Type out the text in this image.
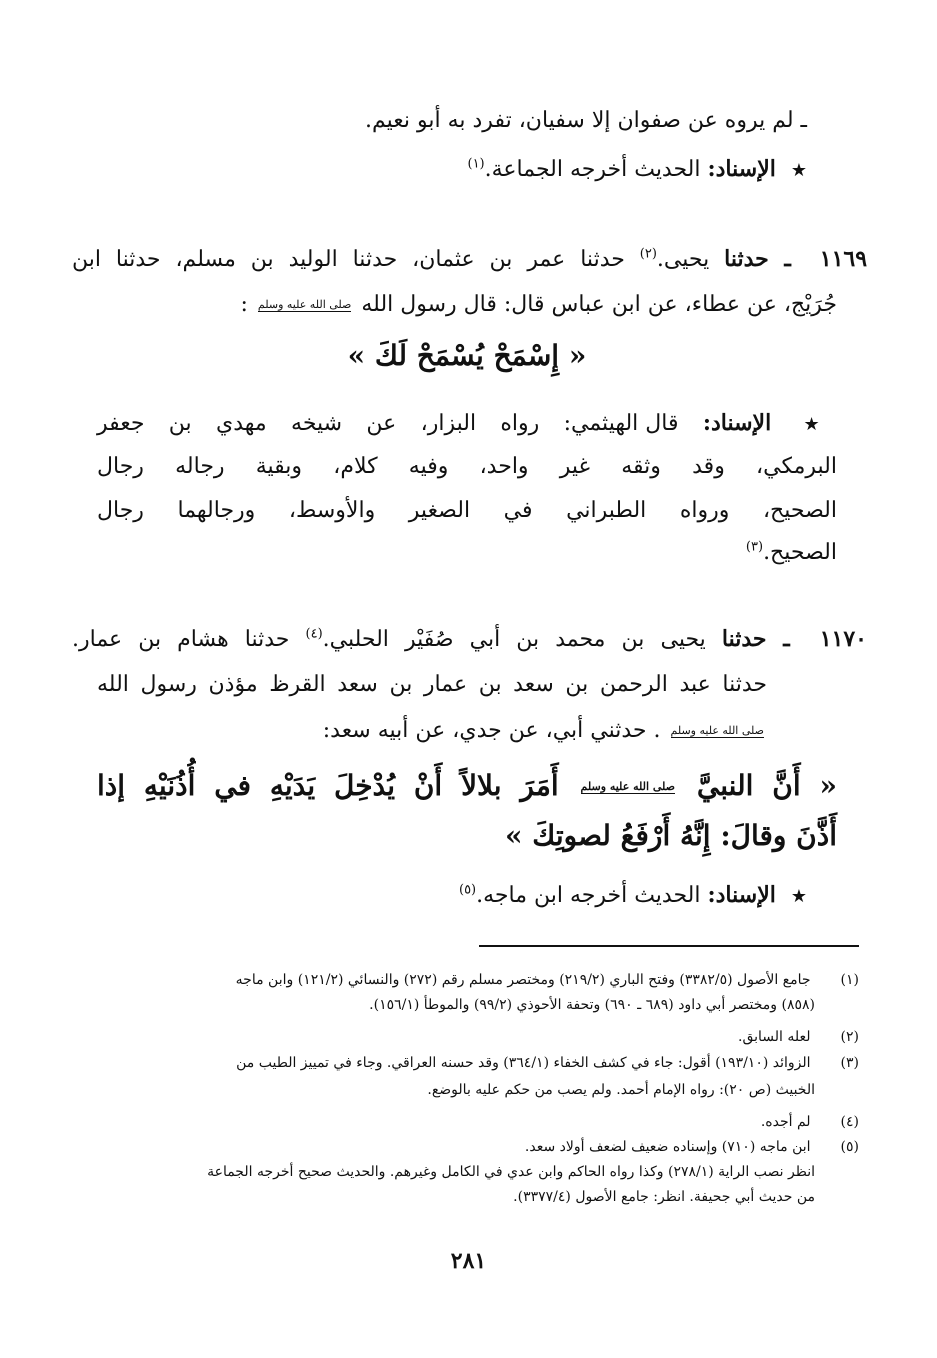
ـ لم يروه عن صفوان إلا سفيان، تفرد به أبو نعيم.
★ الإسناد: الحديث أخرجه الجماعة.$^{(١)}$
١١٦٩ ـ حدثنا يحيى.$^{(٢)}$ حدثنا عمر بن عثمان، حدثنا الوليد بن مسلم، حدثنا ابن
جُرَيْج، عن عطاء، عن ابن عباس قال: قال رسول الله صلى الله عليه وسلم :
« إِسْمَحْ يُسْمَحْ لَكَ »
★ الإسناد: قال الهيثمي: رواه البزار، عن شيخه مهدي بن جعفر
البرمكي، وقد وثقه غير واحد، وفيه كلام، وبقية رجاله رجال
الصحيح، ورواه الطبراني في الصغير والأوسط، ورجالهما رجال
الصحيح.$^{(٣)}$
١١٧٠ ـ حدثنا يحيى بن محمد بن أبي صُفَيْر الحلبي.$^{(٤)}$ حدثنا هشام بن عمار.
حدثنا عبد الرحمن بن سعد بن عمار بن سعد القرظ مؤذن رسول الله
صلى الله عليه وسلم . حدثني أبي، عن جدي، عن أبيه سعد:
« أَنَّ النبيَّ صلى الله عليه وسلم أَمَرَ بلالاً أَنْ يُدْخِلَ يَدَيْهِ في أُذُنَيْهِ إذا
أَذَّنَ وقالَ: إِنَّهُ أَرْفَعُ لصوتِكَ »
★ الإسناد: الحديث أخرجه ابن ماجه.$^{(٥)}$
(١) جامع الأصول (٣٣٨٢/٥) وفتح الباري (٢١٩/٢) ومختصر مسلم رقم (٢٧٢) والنسائي (١٢١/٢) وابن ماجه
(٨٥٨) ومختصر أبي داود (٦٨٩ ـ ٦٩٠) وتحفة الأحوذي (٩٩/٢) والموطأ (١٥٦/١).
(٢) لعله السابق.
(٣) الزوائد (١٩٣/١٠) أقول: جاء في كشف الخفاء (٣٦٤/١) وقد حسنه العراقي. وجاء في تمييز الطيب من
الخبيث (ص ٢٠): رواه الإمام أحمد. ولم يصب من حكم عليه بالوضع.
(٤) لم أجده.
(٥) ابن ماجه (٧١٠) وإسناده ضعيف لضعف أولاد سعد.
انظر نصب الراية (٢٧٨/١) وكذا رواه الحاكم وابن عدي في الكامل وغيرهم. والحديث صحيح أخرجه الجماعة
من حديث أبي جحيفة. انظر: جامع الأصول (٣٣٧٧/٤).
٢٨١
